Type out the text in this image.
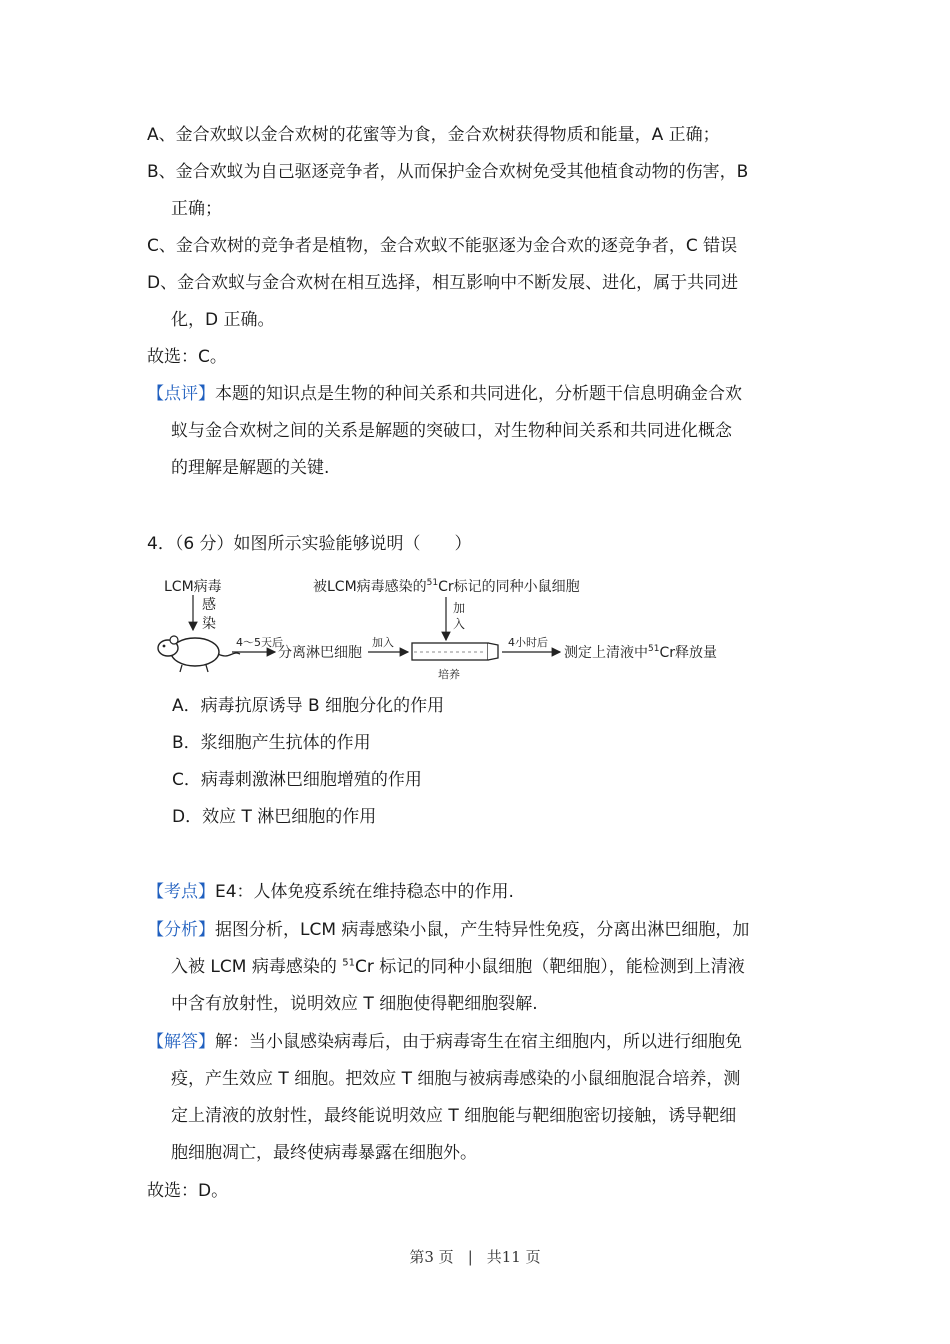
A、金合欢蚁以金合欢树的花蜜等为食，金合欢树获得物质和能量，A 正确；
B、金合欢蚁为自己驱逐竞争者，从而保护金合欢树免受其他植食动物的伤害，B
正确；
C、金合欢树的竞争者是植物，金合欢蚁不能驱逐为金合欢的逐竞争者，C 错误
D、金合欢蚁与金合欢树在相互选择，相互影响中不断发展、进化，属于共同进
化，D 正确。
故选：C。
【点评】本题的知识点是生物的种间关系和共同进化，分析题干信息明确金合欢
蚁与金合欢树之间的关系是解题的突破口，对生物种间关系和共同进化概念
的理解是解题的关键.
4．（6 分）如图所示实验能够说明（　　）
LCM病毒
感
染
4～5天后
分离淋巴细胞
加入
培养
被LCM病毒感染的$^{51}$Cr标记的同种小鼠细胞
加
入
4小时后
测定上清液中$^{51}$Cr释放量
A．病毒抗原诱导 B 细胞分化的作用
B．浆细胞产生抗体的作用
C．病毒刺激淋巴细胞增殖的作用
D．效应 T 淋巴细胞的作用
【考点】E4：人体免疫系统在维持稳态中的作用.
【分析】据图分析，LCM 病毒感染小鼠，产生特异性免疫，分离出淋巴细胞，加
入被 LCM 病毒感染的 $^{51}$Cr 标记的同种小鼠细胞（靶细胞），能检测到上清液
中含有放射性，说明效应 T 细胞使得靶细胞裂解.
【解答】解：当小鼠感染病毒后，由于病毒寄生在宿主细胞内，所以进行细胞免
疫，产生效应 T 细胞。把效应 T 细胞与被病毒感染的小鼠细胞混合培养，测
定上清液的放射性，最终能说明效应 T 细胞能与靶细胞密切接触，诱导靶细
胞细胞凋亡，最终使病毒暴露在细胞外。
故选：D。
第3 页 | 共11 页
